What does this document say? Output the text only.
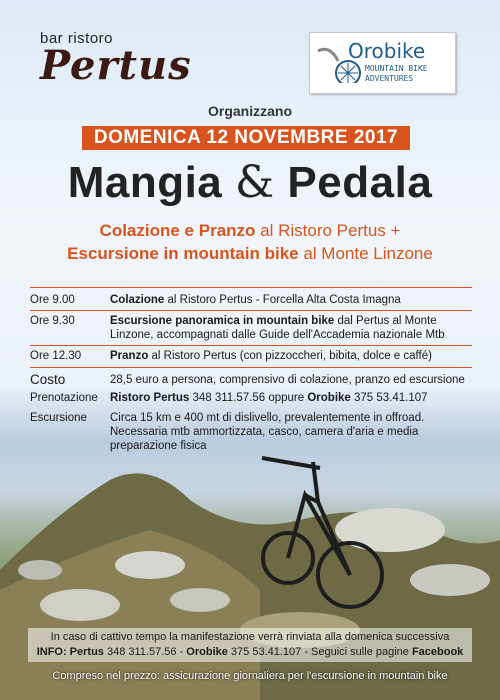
bar ristoro
Pertus	Orobike
MOUNTAIN BIKE
ADVENTURES
Organizzano
DOMENICA 12 NOVEMBRE 2017
Mangia & Pedala
Colazione e Pranzo al Ristoro Pertus +
Escursione in mountain bike al Monte Linzone
Ore 9.00	Colazione al Ristoro Pertus - Forcella Alta Costa Imagna
Ore 9.30	Escursione panoramica in mountain bike dal Pertus al Monte Linzone, accompagnati dalle Guide dell'Accademia nazionale Mtb
Ore 12.30	Pranzo al Ristoro Pertus (con pizzoccheri, bibita, dolce e caffé)
Costo	28,5 euro a persona, comprensivo di colazione, pranzo ed escursione
Prenotazione	Ristoro Pertus 348 311.57.56 oppure Orobike 375 53.41.107
Escursione	Circa 15 km e 400 mt di dislivello, prevalentemente in offroad. Necessaria mtb ammortizzata, casco, camera d'aria e media preparazione fisica
In caso di cattivo tempo la manifestazione verrà rinviata alla domenica successiva
INFO: Pertus 348 311.57.56 - Orobike 375 53.41.107 - Seguici sulle pagine Facebook
Compreso nel prezzo: assicurazione giornaliera per l'escursione in mountain bike
